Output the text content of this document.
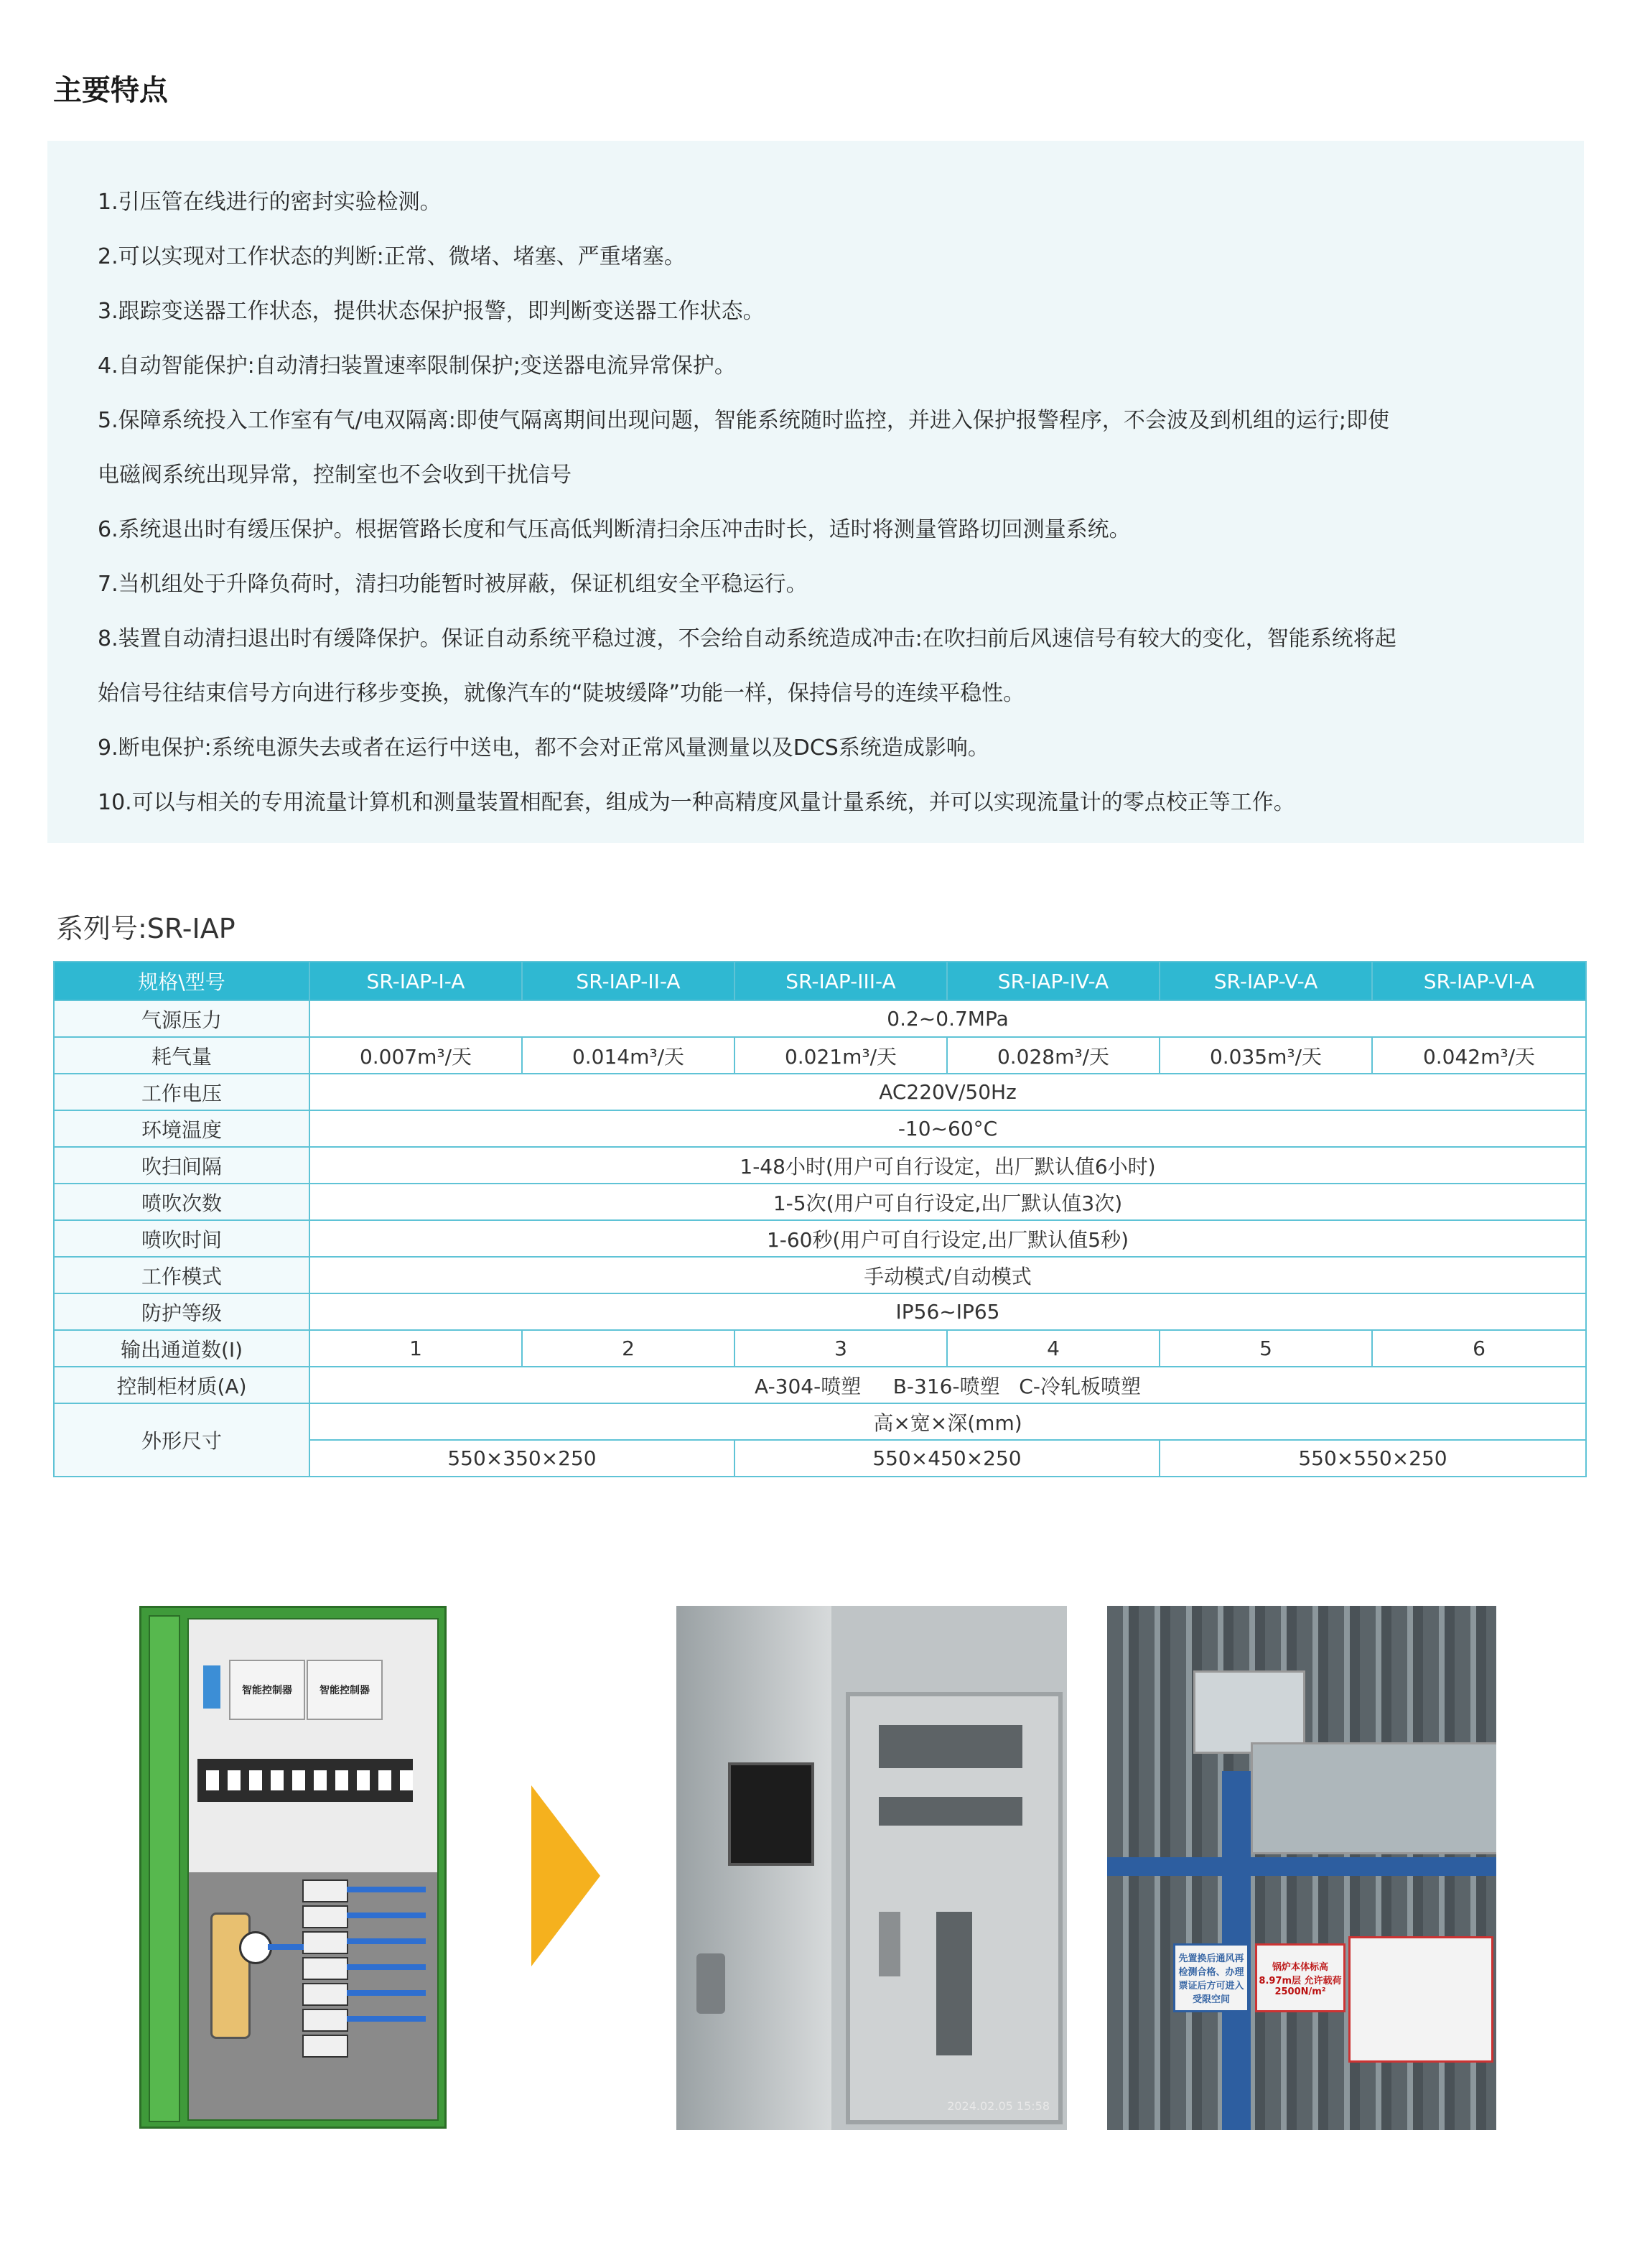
主要特点

1.引压管在线进行的密封实验检测。

2.可以实现对工作状态的判断:正常、微堵、堵塞、严重堵塞。

3.跟踪变送器工作状态，提供状态保护报警，即判断变送器工作状态。

4.自动智能保护:自动清扫装置速率限制保护;变送器电流异常保护。

5.保障系统投入工作室有气/电双隔离:即使气隔离期间出现问题，智能系统随时监控，并进入保护报警程序，不会波及到机组的运行;即使

电磁阀系统出现异常，控制室也不会收到干扰信号

6.系统退出时有缓压保护。根据管路长度和气压高低判断清扫余压冲击时长，适时将测量管路切回测量系统。

7.当机组处于升降负荷时，清扫功能暂时被屏蔽，保证机组安全平稳运行。

8.装置自动清扫退出时有缓降保护。保证自动系统平稳过渡，不会给自动系统造成冲击:在吹扫前后风速信号有较大的变化，智能系统将起

始信号往结束信号方向进行移步变换，就像汽车的“陡坡缓降”功能一样，保持信号的连续平稳性。

9.断电保护:系统电源失去或者在运行中送电，都不会对正常风量测量以及DCS系统造成影响。

10.可以与相关的专用流量计算机和测量装置相配套，组成为一种高精度风量计量系统，并可以实现流量计的零点校正等工作。

系列号:SR-IAP
规格\型号	SR-IAP-I-A	SR-IAP-II-A	SR-IAP-III-A	SR-IAP-IV-A	SR-IAP-V-A	SR-IAP-VI-A
气源压力	0.2~0.7MPa					
耗气量	0.007m³/天	0.014m³/天	0.021m³/天	0.028m³/天	0.035m³/天	0.042m³/天
工作电压	AC220V/50Hz					
环境温度	-10~60°C					
吹扫间隔	1-48小时(用户可自行设定，出厂默认值6小时)					
喷吹次数	1-5次(用户可自行设定,出厂默认值3次)					
喷吹时间	1-60秒(用户可自行设定,出厂默认值5秒)					
工作模式	手动模式/自动模式					
防护等级	IP56~IP65					
输出通道数(I)	1	2	3	4	5	6
控制柜材质(A)	A-304-喷塑     B-316-喷塑   C-冷轧板喷塑					
外形尺寸	高×宽×深(mm)					
	550×350×250		550×450×250		550×550×250	
智能控制器	智能控制器
2024.02.05 15:58
先置换后通风再检测合格、办理票证后方可进入受限空间
锅炉本体标高8.97m层 允许载荷2500N/m²
